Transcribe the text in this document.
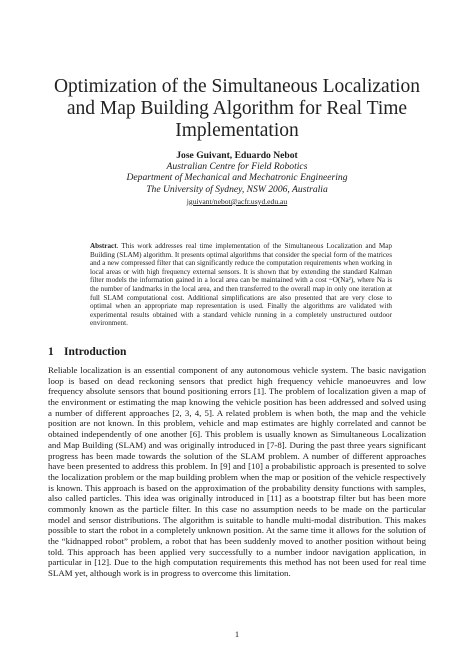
Optimization of the Simultaneous Localization and Map Building Algorithm for Real Time Implementation
Jose Guivant, Eduardo Nebot
Australian Centre for Field Robotics
Department of Mechanical and Mechatronic Engineering
The University of Sydney, NSW 2006, Australia
jguivant/nebot@acfr.usyd.edu.au
Abstract. This work addresses real time implementation of the Simultaneous Localization and Map Building (SLAM) algorithm. It presents optimal algorithms that consider the special form of the matrices and a new compressed filter that can significantly reduce the computation requirements when working in local areas or with high frequency external sensors. It is shown that by extending the standard Kalman filter models the information gained in a local area can be maintained with a cost ~O(Na²), where Na is the number of landmarks in the local area, and then transferred to the overall map in only one iteration at full SLAM computational cost. Additional simplifications are also presented that are very close to optimal when an appropriate map representation is used. Finally the algorithms are validated with experimental results obtained with a standard vehicle running in a completely unstructured outdoor environment.
1 Introduction

Reliable localization is an essential component of any autonomous vehicle system. The basic navigation loop is based on dead reckoning sensors that predict high frequency vehicle manoeuvres and low frequency absolute sensors that bound positioning errors [1]. The problem of localization given a map of the environment or estimating the map knowing the vehicle position has been addressed and solved using a number of different approaches [2, 3, 4, 5]. A related problem is when both, the map and the vehicle position are not known. In this problem, vehicle and map estimates are highly correlated and cannot be obtained independently of one another [6]. This problem is usually known as Simultaneous Localization and Map Building (SLAM) and was originally introduced in [7-8]. During the past three years significant progress has been made towards the solution of the SLAM problem. A number of different approaches have been presented to address this problem. In [9] and [10] a probabilistic approach is presented to solve the localization problem or the map building problem when the map or position of the vehicle respectively is known. This approach is based on the approximation of the probability density functions with samples, also called particles. This idea was originally introduced in [11] as a bootstrap filter but has been more commonly known as the particle filter. In this case no assumption needs to be made on the particular model and sensor distributions. The algorithm is suitable to handle multi-modal distribution. This makes possible to start the robot in a completely unknown position. At the same time it allows for the solution of the “kidnapped robot” problem, a robot that has been suddenly moved to another position without being told. This approach has been applied very successfully to a number indoor navigation application, in particular in [12]. Due to the high computation requirements this method has not been used for real time SLAM yet, although work is in progress to overcome this limitation.

1
